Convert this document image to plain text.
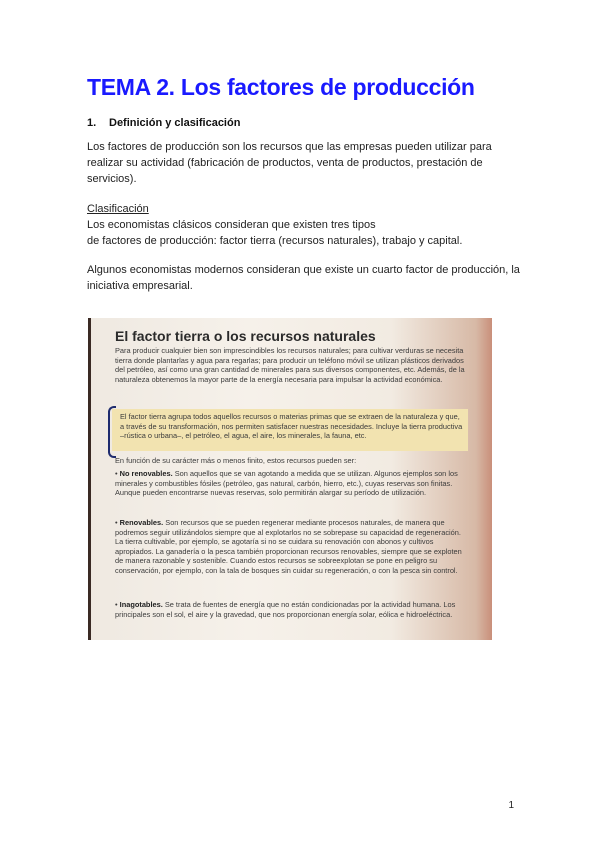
TEMA 2. Los factores de producción
1. Definición y clasificación
Los factores de producción son los recursos que las empresas pueden utilizar para realizar su actividad (fabricación de productos, venta de productos, prestación de servicios).
Clasificación
Los economistas clásicos consideran que existen tres tipos
de factores de producción: factor tierra (recursos naturales), trabajo y capital.
Algunos economistas modernos consideran que existe un cuarto factor de producción, la iniciativa empresarial.
El factor tierra o los recursos naturales
Para producir cualquier bien son imprescindibles los recursos naturales; para cultivar verduras se necesita tierra donde plantarlas y agua para regarlas; para producir un teléfono móvil se utilizan plásticos derivados del petróleo, así como una gran cantidad de minerales para sus diversos componentes, etc. Además, de la naturaleza obtenemos la mayor parte de la energía necesaria para impulsar la actividad económica.
El factor tierra agrupa todos aquellos recursos o materias primas que se extraen de la naturaleza y que, a través de su transformación, nos permiten satisfacer nuestras necesidades. Incluye la tierra productiva –rústica o urbana–, el petróleo, el agua, el aire, los minerales, la fauna, etc.
En función de su carácter más o menos finito, estos recursos pueden ser:
• No renovables. Son aquellos que se van agotando a medida que se utilizan. Algunos ejemplos son los minerales y combustibles fósiles (petróleo, gas natural, carbón, hierro, etc.), cuyas reservas son finitas. Aunque pueden encontrarse nuevas reservas, solo permitirán alargar su período de utilización.
• Renovables. Son recursos que se pueden regenerar mediante procesos naturales, de manera que podremos seguir utilizándolos siempre que al explotarlos no se sobrepase su capacidad de regeneración. La tierra cultivable, por ejemplo, se agotaría si no se cuidara su renovación con abonos y cultivos apropiados. La ganadería o la pesca también proporcionan recursos renovables, siempre que se exploten de manera razonable y sostenible. Cuando estos recursos se sobreexplotan se pone en peligro su conservación, por ejemplo, con la tala de bosques sin cuidar su regeneración, o con la pesca sin control.
• Inagotables. Se trata de fuentes de energía que no están condicionadas por la actividad humana. Los principales son el sol, el aire y la gravedad, que nos proporcionan energía solar, eólica e hidroeléctrica.
1
